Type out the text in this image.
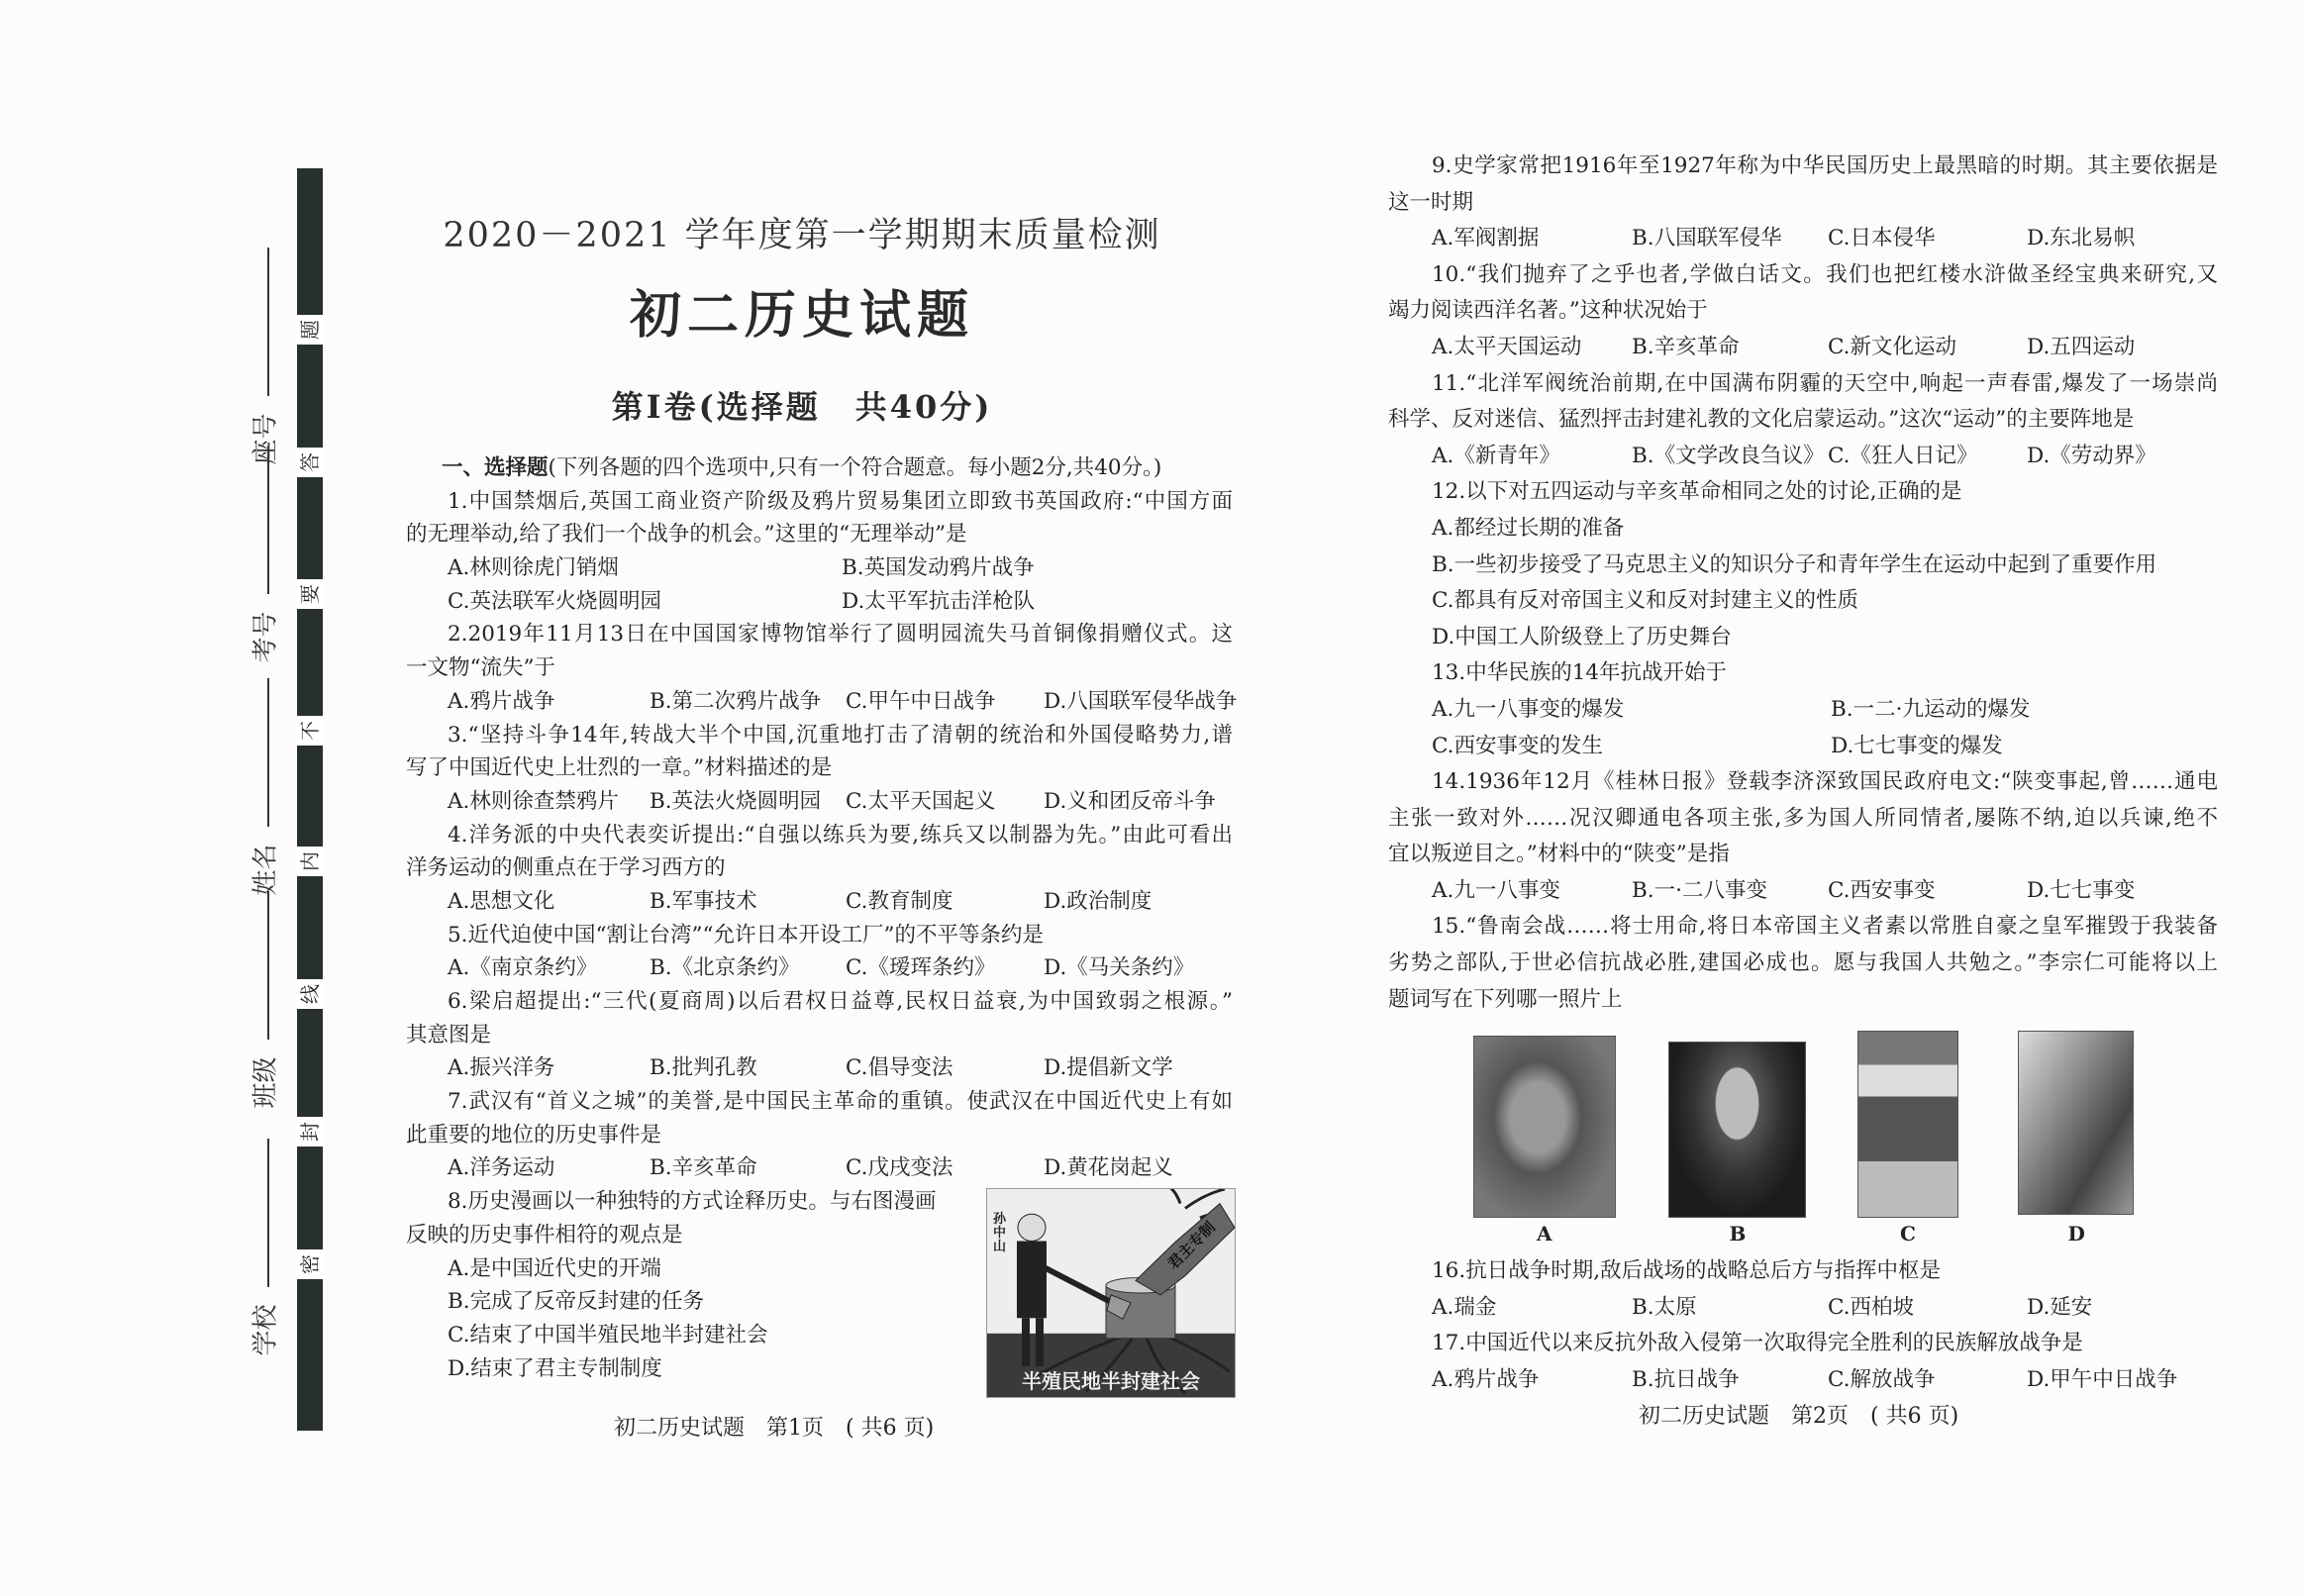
学校
班级
姓名
考号
座号
密
封
线
内
不
要
答
题
2020－2021 学年度第一学期期末质量检测
初二历史试题
第Ⅰ卷(选择题　共40分)
一、选择题(下列各题的四个选项中,只有一个符合题意。每小题2分,共40分。)
1.中国禁烟后,英国工商业资产阶级及鸦片贸易集团立即致书英国政府:“中国方面
的无理举动,给了我们一个战争的机会。”这里的“无理举动”是
A.林则徐虎门销烟	B.英国发动鸦片战争
C.英法联军火烧圆明园	D.太平军抗击洋枪队
2.2019年11月13日在中国国家博物馆举行了圆明园流失马首铜像捐赠仪式。这
一文物“流失”于
A.鸦片战争	B.第二次鸦片战争 C.甲午中日战争 D.八国联军侵华战争
3.“坚持斗争14年,转战大半个中国,沉重地打击了清朝的统治和外国侵略势力,谱
写了中国近代史上壮烈的一章。”材料描述的是
A.林则徐查禁鸦片 B.英法火烧圆明园 C.太平天国起义 D.义和团反帝斗争
4.洋务派的中央代表奕䜣提出:“自强以练兵为要,练兵又以制器为先。”由此可看出
洋务运动的侧重点在于学习西方的
A.思想文化	B.军事技术	C.教育制度	D.政治制度
5.近代迫使中国“割让台湾”“允许日本开设工厂”的不平等条约是
A.《南京条约》 B.《北京条约》 C.《瑷珲条约》 D.《马关条约》
6.梁启超提出:“三代(夏商周)以后君权日益尊,民权日益衰,为中国致弱之根源。”
其意图是
A.振兴洋务	B.批判孔教	C.倡导变法	D.提倡新文学
7.武汉有“首义之城”的美誉,是中国民主革命的重镇。使武汉在中国近代史上有如
此重要的地位的历史事件是
A.洋务运动	B.辛亥革命	C.戊戌变法	D.黄花岗起义
8.历史漫画以一种独特的方式诠释历史。与右图漫画
反映的历史事件相符的观点是
A.是中国近代史的开端
B.完成了反帝反封建的任务
C.结束了中国半殖民地半封建社会
D.结束了君主专制制度
9.史学家常把1916年至1927年称为中华民国历史上最黑暗的时期。其主要依据是
这一时期
A.军阀割据	B.八国联军侵华 C.日本侵华	D.东北易帜
10.“我们抛弃了之乎也者,学做白话文。我们也把红楼水浒做圣经宝典来研究,又
竭力阅读西洋名著。”这种状况始于
A.太平天国运动 B.辛亥革命	C.新文化运动	D.五四运动
11.“北洋军阀统治前期,在中国满布阴霾的天空中,响起一声春雷,爆发了一场崇尚
科学、反对迷信、猛烈抨击封建礼教的文化启蒙运动。”这次“运动”的主要阵地是
A.《新青年》	B.《文学改良刍议》 C.《狂人日记》 D.《劳动界》
12.以下对五四运动与辛亥革命相同之处的讨论,正确的是
A.都经过长期的准备
B.一些初步接受了马克思主义的知识分子和青年学生在运动中起到了重要作用
C.都具有反对帝国主义和反对封建主义的性质
D.中国工人阶级登上了历史舞台
13.中华民族的14年抗战开始于
A.九一八事变的爆发	B.一二·九运动的爆发
C.西安事变的发生	D.七七事变的爆发
14.1936年12月《桂林日报》登载李济深致国民政府电文:“陕变事起,曾……通电
主张一致对外……况汉卿通电各项主张,多为国人所同情者,屡陈不纳,迫以兵谏,绝不
宜以叛逆目之。”材料中的“陕变”是指
A.九一八事变	B.一·二八事变	C.西安事变	D.七七事变
15.“鲁南会战……将士用命,将日本帝国主义者素以常胜自豪之皇军摧毁于我装备
劣势之部队,于世必信抗战必胜,建国必成也。愿与我国人共勉之。”李宗仁可能将以上
题词写在下列哪一照片上
A	B	C	D
16.抗日战争时期,敌后战场的战略总后方与指挥中枢是
A.瑞金	B.太原	C.西柏坡	D.延安
17.中国近代以来反抗外敌入侵第一次取得完全胜利的民族解放战争是
A.鸦片战争	B.抗日战争	C.解放战争	D.甲午中日战争
孙中山	君主专制
半殖民地半封建社会
初二历史试题　第1页　( 共6 页)	初二历史试题　第2页　( 共6 页)
